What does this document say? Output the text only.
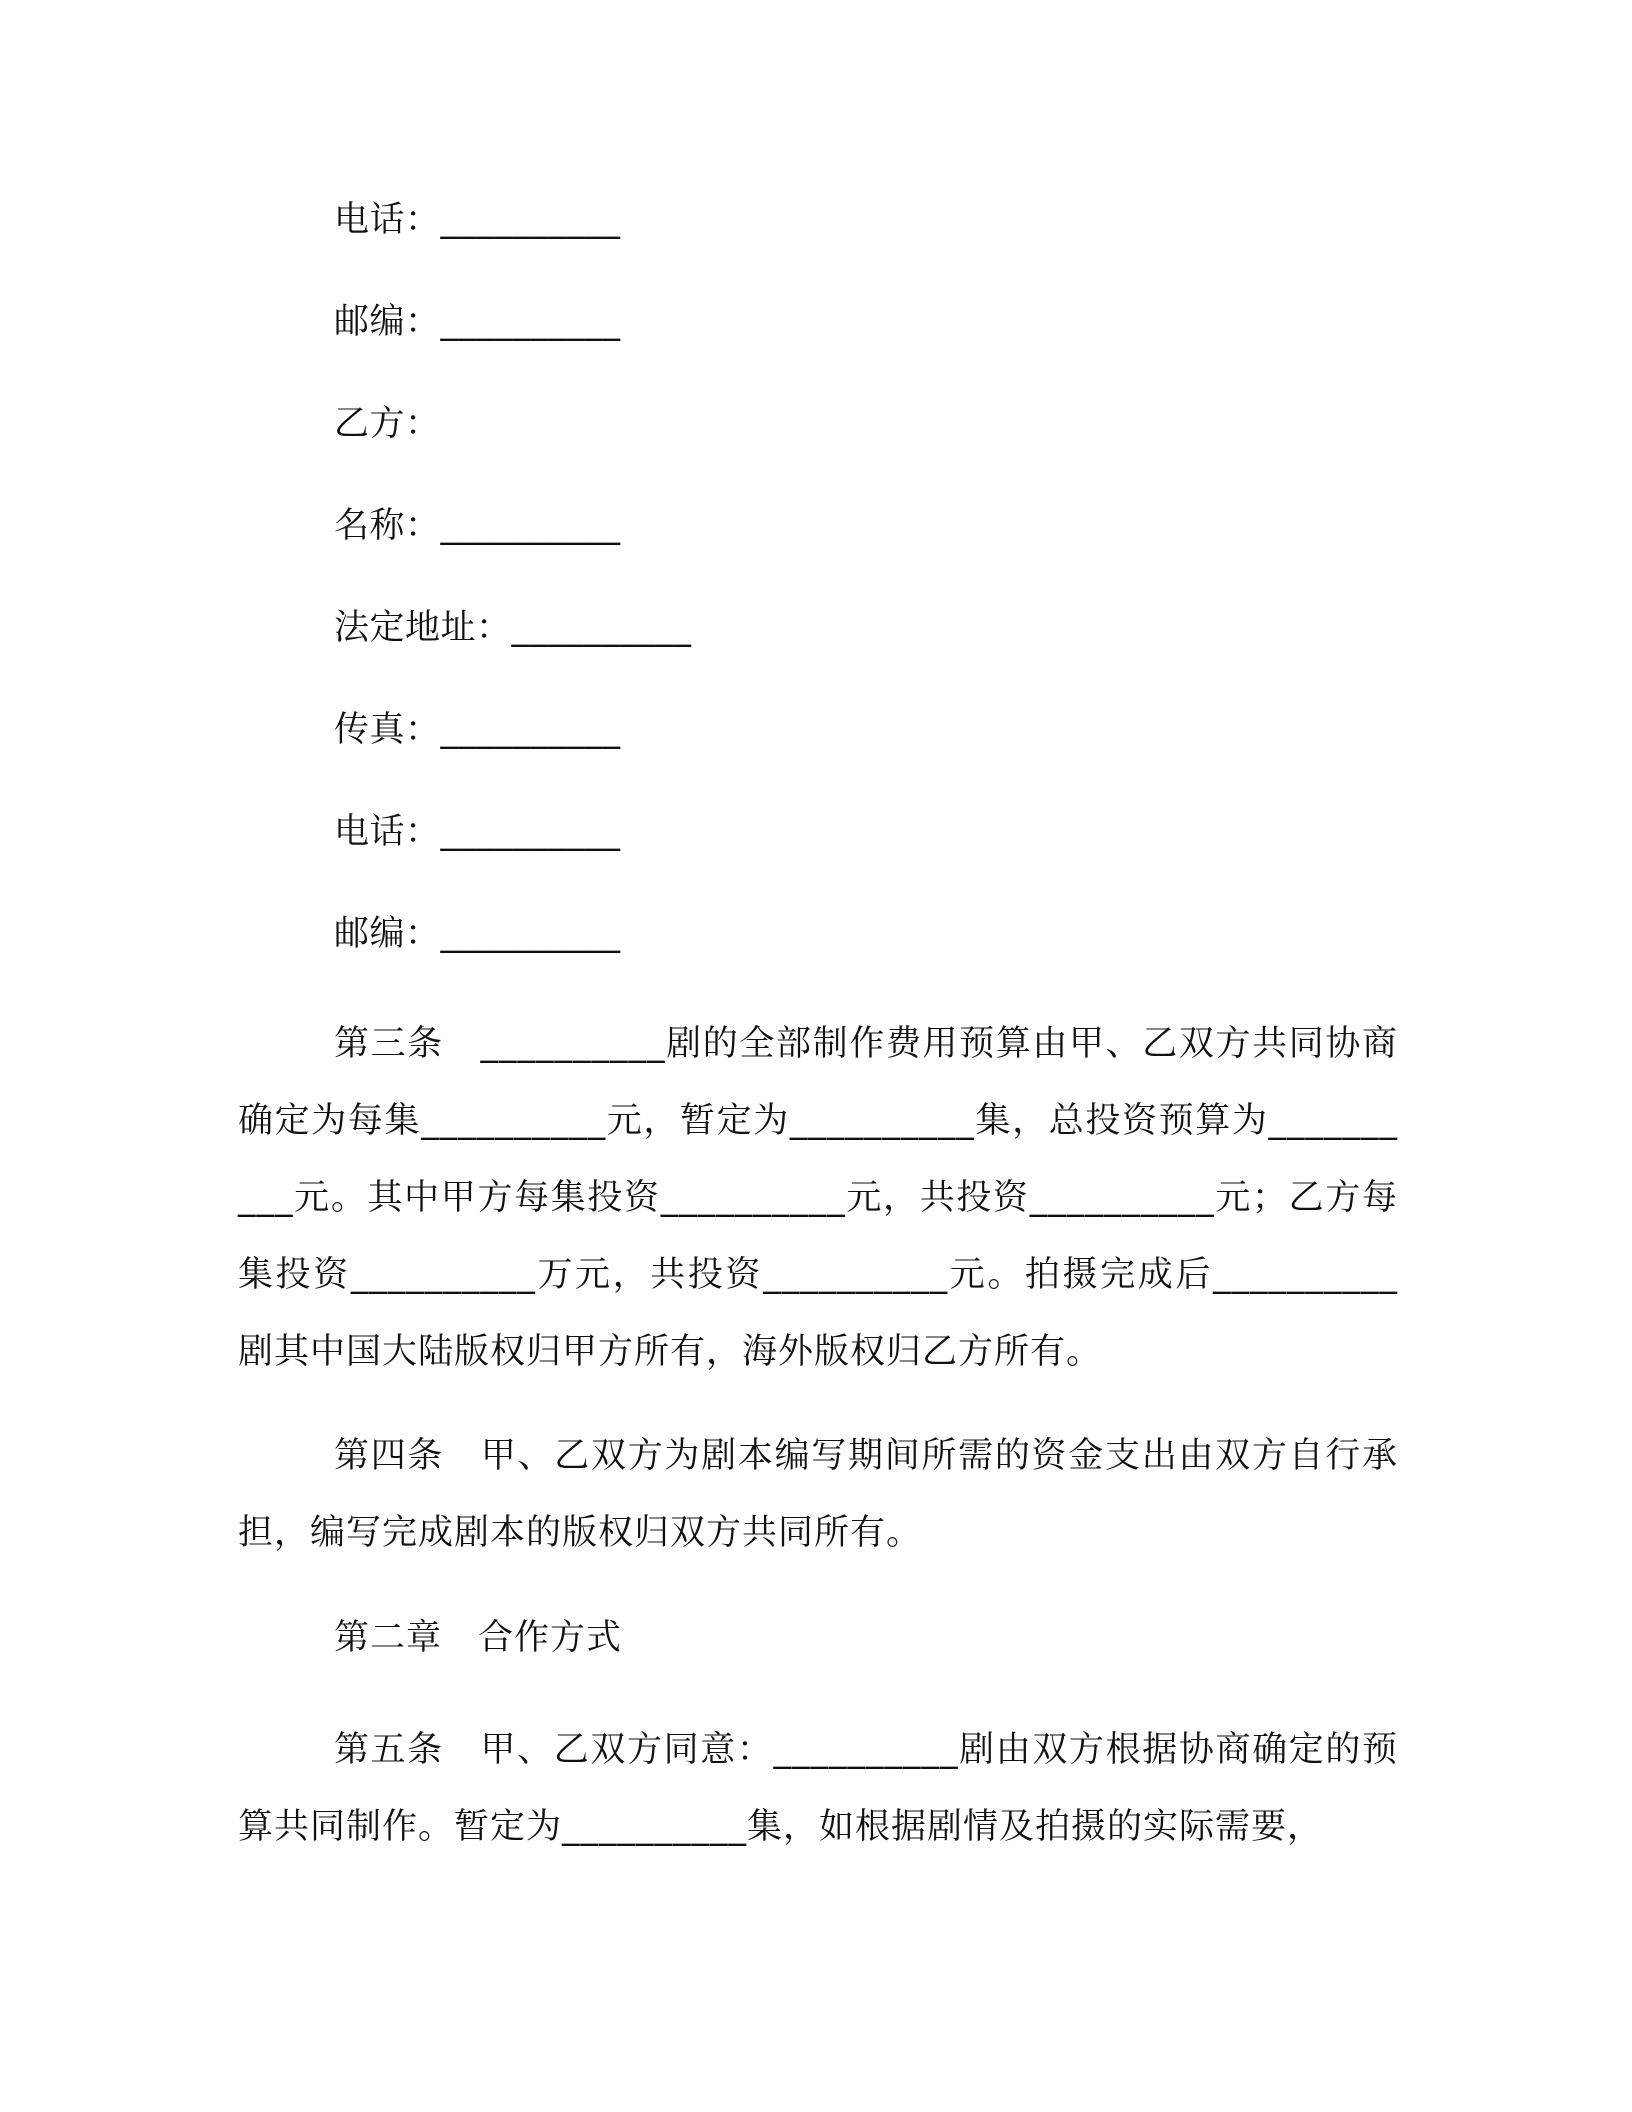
电话：__________
邮编：__________
乙方：
名称：__________
法定地址：__________
传真：__________
电话：__________
邮编：__________
第三条　__________剧的全部制作费用预算由甲、乙双方共同协商确定为每集__________元，暂定为__________集，总投资预算为__________元。其中甲方每集投资__________元，共投资__________元；乙方每集投资__________万元，共投资__________元。拍摄完成后__________剧其中国大陆版权归甲方所有，海外版权归乙方所有。
第四条　甲、乙双方为剧本编写期间所需的资金支出由双方自行承担，编写完成剧本的版权归双方共同所有。
第二章　合作方式
第五条　甲、乙双方同意：__________剧由双方根据协商确定的预算共同制作。暂定为__________集，如根据剧情及拍摄的实际需要，
